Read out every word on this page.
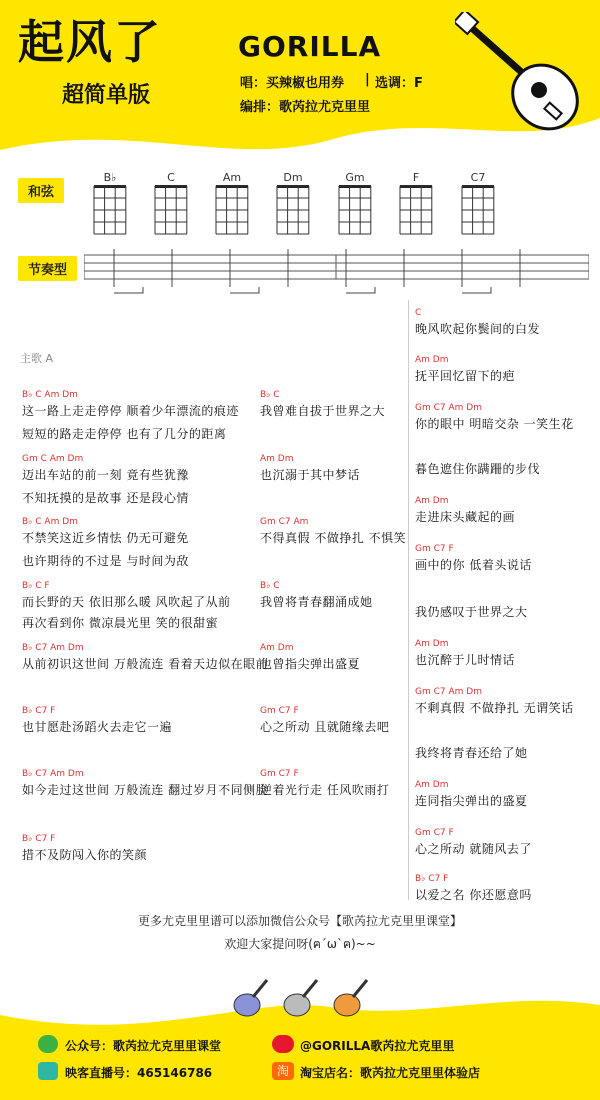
起风了
超简单版
GORILLA
唱：买辣椒也用券 | 选调：F
编排：歌芮拉尤克里里
和弦
B♭	C	Am	Dm	Gm	F	C7
节奏型
主歌 A
B♭ C Am Dm
这一路上走走停停 顺着少年漂流的痕迹
短短的路走走停停 也有了几分的距离
Gm C Am Dm
迈出车站的前一刻 竟有些犹豫
不知抚摸的是故事 还是段心情
B♭ C Am Dm
不禁笑这近乡情怯 仍无可避免
也许期待的不过是 与时间为敌
B♭ C F
而长野的天 依旧那么暖 风吹起了从前
再次看到你 微凉晨光里 笑的很甜蜜
B♭ C7 Am Dm
从前初识这世间 万般流连 看着天边似在眼前
B♭ C7 F
也甘愿赴汤蹈火去走它一遍
B♭ C7 Am Dm
如今走过这世间 万般流连 翻过岁月不同侧脸
B♭ C7 F
措不及防闯入你的笑颜
B♭ C
我曾难自拔于世界之大
Am Dm
也沉溺于其中梦话
Gm C7 Am
不得真假 不做挣扎 不惧笑
B♭ C
我曾将青春翻涌成她
Am Dm
也曾指尖弹出盛夏
Gm C7 F
心之所动 且就随缘去吧
Gm C7 F
逆着光行走 任风吹雨打
C
晚风吹起你鬓间的白发
Am Dm
抚平回忆留下的疤
Gm C7 Am Dm
你的眼中 明暗交杂 一笑生花
暮色遮住你蹒跚的步伐
Am Dm
走进床头藏起的画
Gm C7 F
画中的你 低着头说话
我仍感叹于世界之大
Am Dm
也沉醉于儿时情话
Gm C7 Am Dm
不剩真假 不做挣扎 无谓笑话
我终将青春还给了她
Am Dm
连同指尖弹出的盛夏
Gm C7 F
心之所动 就随风去了
B♭ C7 F
以爱之名 你还愿意吗
更多尤克里里谱可以添加微信公众号【歌芮拉尤克里里课堂】
欢迎大家提问呀(ฅ´ω`ฅ)~~
公众号：歌芮拉尤克里里课堂	@GORILLA歌芮拉尤克里里
映客直播号：465146786	淘 淘宝店名：歌芮拉尤克里里体验店
